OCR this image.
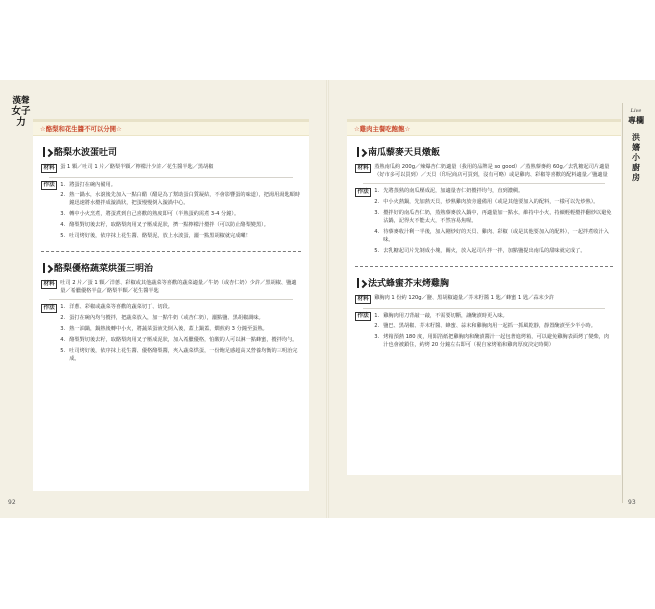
漢聲
女子力
Live
專欄
洪嬸小廚房
92	93
☆酪梨和花生醬不可以分開☆
酪梨水波蛋吐司
材料	蛋 1 顆／吐司 1 片／酪梨半顆／檸檬汁少許／花生醬半匙／黑胡椒
作法	1. 將蛋打在碗內備用。
2. 熱一鍋水，水滾後先加入一點白醋（醋是為了幫助蛋白質凝結，不會影響蛋的味道），把湯用湯匙順時鐘迅速將水攪拌成漩渦狀，把蛋慢慢倒入漩渦中心。
3. 轉中小火烹煮，將蛋煮到自己喜歡的熟度即可（半熟蛋約需煮 3-4 分鐘）。
4. 酪梨對切後去籽，取酪梨肉用叉子壓成泥狀，擠一點檸檬汁攪拌（可以防止酪梨變黑）。
5. 吐司烤好後，依序抹上花生醬、酪梨泥，放上水波蛋，灑一點黑胡椒就完成囉！
酪梨優格蔬菜烘蛋三明治
材料	吐司 2 片／蛋 1 顆／洋蔥、彩椒或其他蔬菜等喜歡的蔬菜適量／牛奶（或杏仁奶）少許／黑胡椒、鹽適量／希臘優格半盒／酪梨半顆／花生醬半匙
作法	1. 洋蔥、彩椒或蔬菜等喜歡的蔬菜切丁、切段。
2. 蛋打在碗內均勻攪拌，把蔬菜放入，加一點牛奶（或杏仁奶），灑點鹽、黑胡椒調味。
3. 熱一油鍋，鍋熱後轉中小火，將蔬菜蛋液先倒入後，蓋上鍋蓋，燜煎約 3 分鐘至蛋熟。
4. 酪梨對切後去籽，取酪梨肉用叉子壓成泥狀，加入希臘優格，怕酸的人可以淋一點蜂蜜，攪拌均勻。
5. 吐司烤好後，依序抹上花生醬、優格酪梨醬，夾入蔬菜烘蛋，一份飽足感超高又營養均衡的三明治完成。
☆雞肉主餐吃飽飽☆
南瓜藜麥天貝燉飯
材料	蒸熟南瓜約 200g／辣爆杏仁奶適量（我用的品牌是 so good）／蒸熟藜麥約 60g／去乳糖起司片適量（好市多可以買到）／天貝（印尼商店可買到，沒有可略）或是雞肉、彩椒等喜歡的配料適量／鹽適量
作法	1. 先將蒸熟的南瓜壓成泥，加適量杏仁奶攪拌均勻，直到濃稠。
2. 中小火熱鍋，先加熱天貝，炒熟雞肉放旁邊備用（或是其他要加入的配料，一樣可以先炒熟）。
3. 攪拌好的南瓜杏仁奶，蒸熟藜麥放入鍋中，再適量加一點水，維持中小火，持續輕輕攪拌翻炒以避免沾鍋，記得火不能太大，不然容易焦喔。
4. 待藜麥收汁剩一半後，加入剛炒好的天貝、雞肉、彩椒（或是其他要加入的配料），一起拌煮收汁入味。
5. 去乳糖起司片先剝成小塊，關火，放入起司片拌一拌，加點鹽提出南瓜的甜味就完成了。
法式蜂蜜芥末烤雞胸
材料	雞胸肉 1 份約 120g／鹽、黑胡椒適量／芥末籽醬 1 匙／蜂蜜 1 匙／蒜末少許
作法	1. 雞胸肉用刀背敲一敲，不需要切斷，讓醃漬時更入味。
2. 鹽巴、黑胡椒、芥末籽醬、蜂蜜、蒜末和雞胸肉用一起抓一抓風乾靜，靜置醃漬至少半小時。
3. 烤箱預熱 180 度，用鋁箔紙把雞胸肉和醃漬醬汁一起包著進烤箱，可以避免雞胸表面烤了變柴，肉汁也會被鎖住，約烤 20 分鐘左右即可（視自家烤箱和雞肉厚度決定時間）
